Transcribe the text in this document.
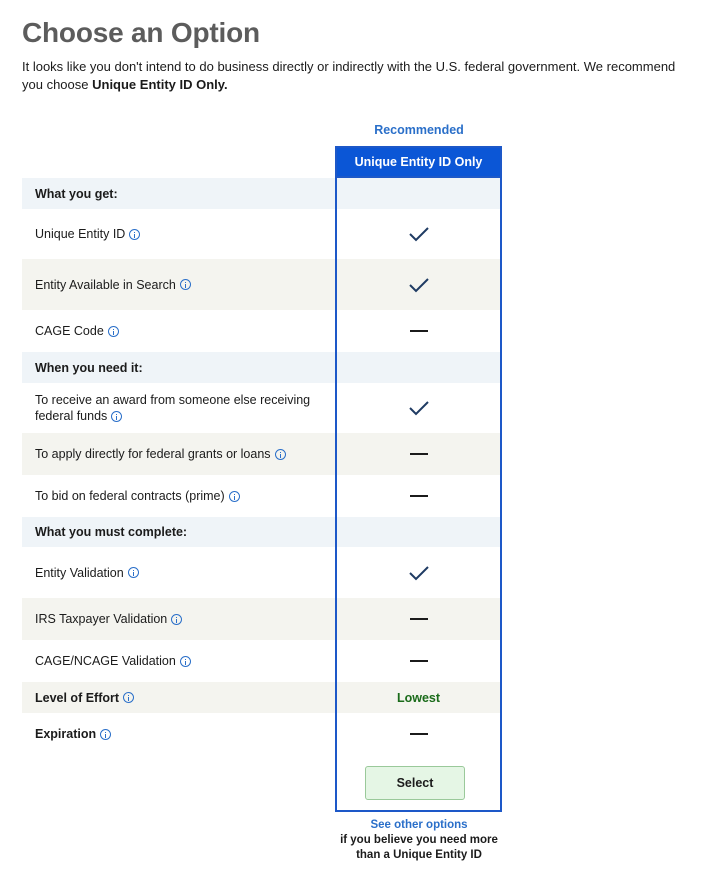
Choose an Option

It looks like you don't intend to do business directly or indirectly with the U.S. federal government. We recommend you choose Unique Entity ID Only.

Recommended
What you get:
Unique Entity ID
Entity Available in Search
CAGE Code
When you need it:
To receive an award from someone else receiving
federal funds
To apply directly for federal grants or loans
To bid on federal contracts (prime)
What you must complete:
Entity Validation
IRS Taxpayer Validation
CAGE/NCAGE Validation
Level of Effort	Lowest
Expiration
Unique Entity ID Only
Select
See other options
if you believe you need more than a Unique Entity ID
